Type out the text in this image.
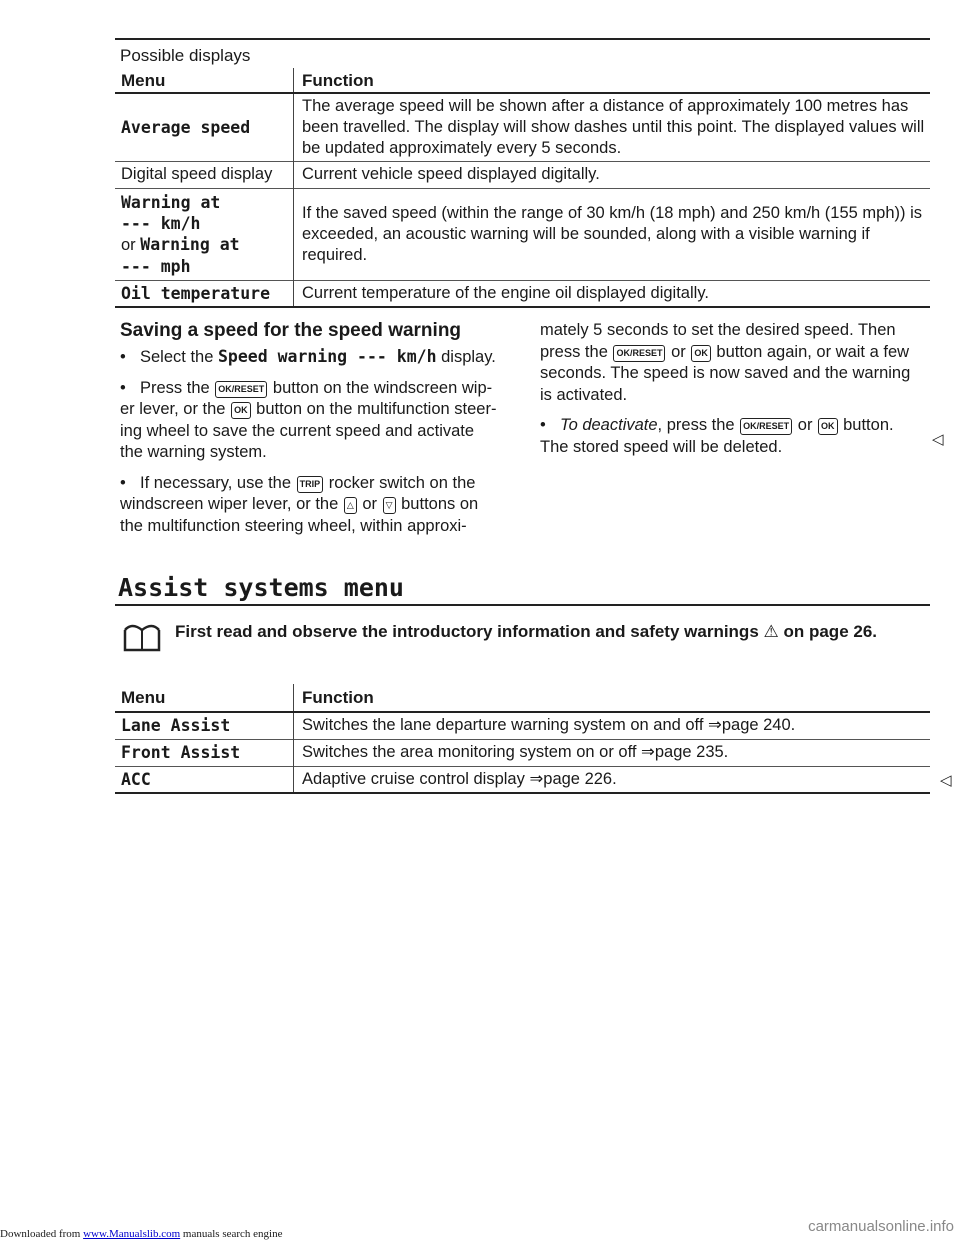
Possible displays
Menu	Function
Average speed	The average speed will be shown after a distance of approximately 100 metres has been travelled. The display will show dashes until this point. The displayed values will be updated approximately every 5 seconds.
Digital speed display	Current vehicle speed displayed digitally.

Warning at
--- km/h
or Warning at
--- mph	If the saved speed (within the range of 30 km/h (18 mph) and 250 km/h (155 mph)) is exceeded, an acoustic warning will be sounded, along with a visible warning if required.
Oil temperature	Current temperature of the engine oil displayed digitally.
Saving a speed for the speed warning
• Select the Speed warning --- km/h display.
• Press the OK/RESET button on the windscreen wip-
er lever, or the OK button on the multifunction steer-
ing wheel to save the current speed and activate
the warning system.
• If necessary, use the TRIP rocker switch on the
windscreen wiper lever, or the △ or ▽ buttons on
the multifunction steering wheel, within approxi-
mately 5 seconds to set the desired speed. Then
press the OK/RESET or OK button again, or wait a few
seconds. The speed is now saved and the warning
is activated.
• To deactivate, press the OK/RESET or OK button.
The stored speed will be deleted.	◁
Assist systems menu
First read and observe the introductory information and safety warnings ⚠ on page 26.
Menu	Function
Lane Assist	Switches the lane departure warning system on and off ⇒page 240.
Front Assist	Switches the area monitoring system on or off ⇒page 235.
ACC	Adaptive cruise control display ⇒page 226.	◁
Downloaded from www.Manualslib.com manuals search engine	carmanualsonline.info
